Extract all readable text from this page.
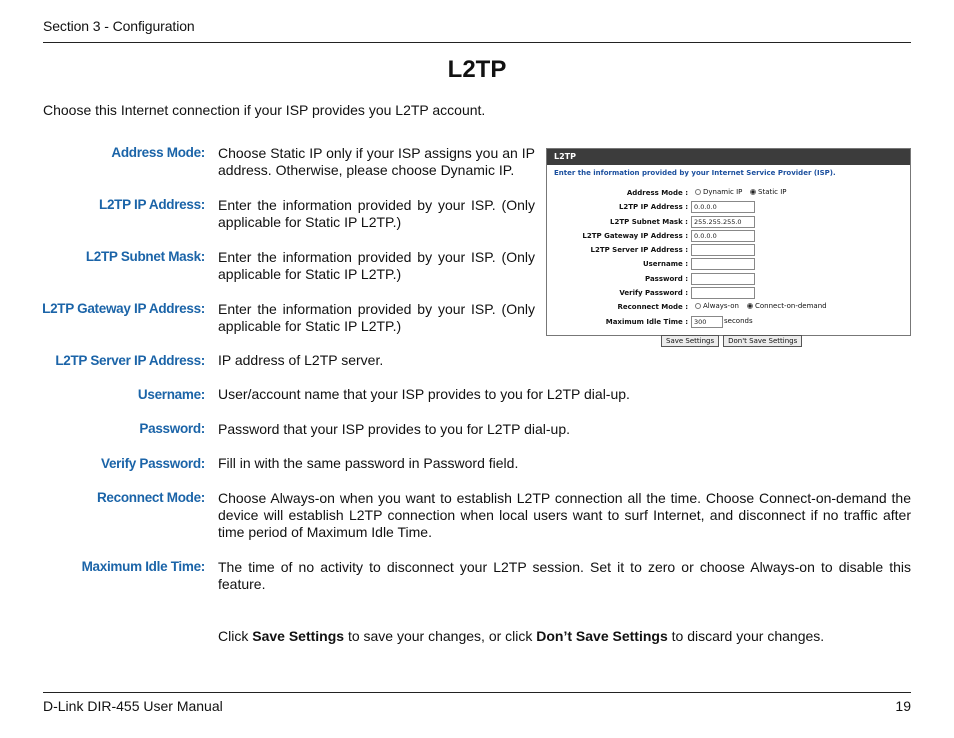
Section 3 - Configuration
L2TP
Choose this Internet connection if your ISP provides you L2TP account.
Address Mode: Choose Static IP only if your ISP assigns you an IP address. Otherwise, please choose Dynamic IP.
L2TP IP Address: Enter the information provided by your ISP. (Only applicable for Static IP L2TP.)
L2TP Subnet Mask: Enter the information provided by your ISP. (Only applicable for Static IP L2TP.)
L2TP Gateway IP Address: Enter the information provided by your ISP. (Only applicable for Static IP L2TP.)
L2TP Server IP Address: IP address of L2TP server.
Username: User/account name that your ISP provides to you for L2TP dial-up.
Password: Password that your ISP provides to you for L2TP dial-up.
Verify Password: Fill in with the same password in Password field.
Reconnect Mode: Choose Always-on when you want to establish L2TP connection all the time. Choose Connect-on-demand the device will establish L2TP connection when local users want to surf Internet, and disconnect if no traffic after time period of Maximum Idle Time.
Maximum Idle Time: The time of no activity to disconnect your L2TP session. Set it to zero or choose Always-on to disable this feature.
Click Save Settings to save your changes, or click Don’t Save Settings to discard your changes.
L2TP
Enter the information provided by your Internet Service Provider (ISP).
Address Mode : Dynamic IP Static IP
L2TP IP Address : 0.0.0.0
L2TP Subnet Mask : 255.255.255.0
L2TP Gateway IP Address : 0.0.0.0
L2TP Server IP Address :
Username :
Password :
Verify Password :
Reconnect Mode : Always-on Connect-on-demand
Maximum Idle Time : 300	seconds
Save Settings	Don't Save Settings
D-Link DIR-455 User Manual	19
